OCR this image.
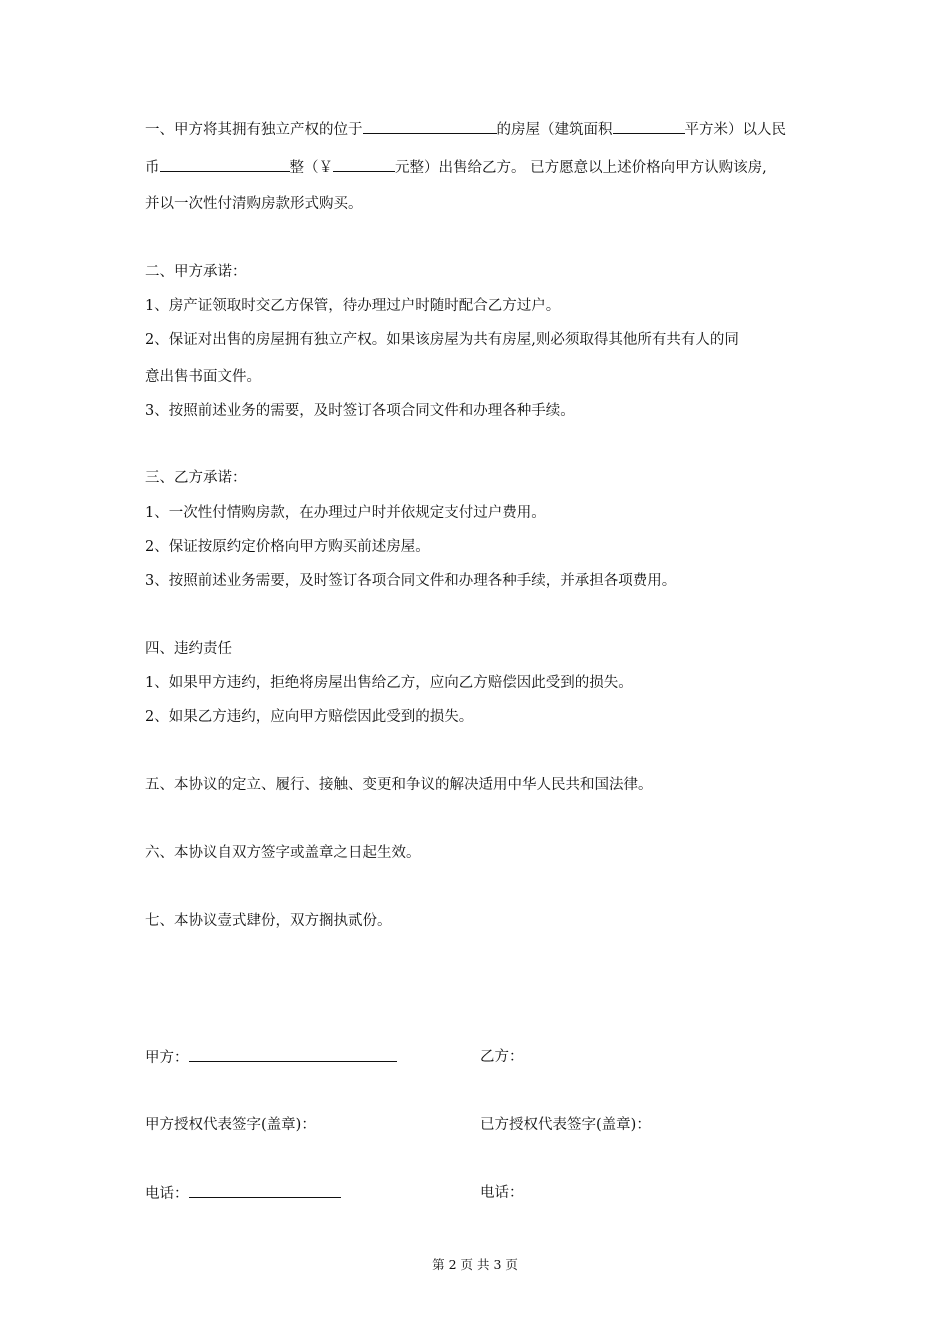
一、甲方将其拥有独立产权的位于	的房屋（建筑面积	平方米）以人民
币	整（￥	元整）出售给乙方。 已方愿意以上述价格向甲方认购该房,
并以一次性付清购房款形式购买。
二、甲方承诺：
1、房产证领取时交乙方保管，待办理过户时随时配合乙方过户。
2、保证对出售的房屋拥有独立产权。如果该房屋为共有房屋,则必须取得其他所有共有人的同
意出售书面文件。
3、按照前述业务的需要，及时签订各项合同文件和办理各种手续。
三、乙方承诺：
1、一次性付情购房款，在办理过户时并依规定支付过户费用。
2、保证按原约定价格向甲方购买前述房屋。
3、按照前述业务需要，及时签订各项合同文件和办理各种手续，并承担各项费用。
四、违约责任
1、如果甲方违约，拒绝将房屋出售给乙方，应向乙方赔偿因此受到的损失。
2、如果乙方违约，应向甲方赔偿因此受到的损失。
五、本协议的定立、履行、接触、变更和争议的解决适用中华人民共和国法律。
六、本协议自双方签字或盖章之日起生效。
七、本协议壹式肆份，双方搁执贰份。
甲方：	乙方：
甲方授权代表签字(盖章)：	已方授权代表签字(盖章)：
电话：	电话：
第 2 页 共 3 页
